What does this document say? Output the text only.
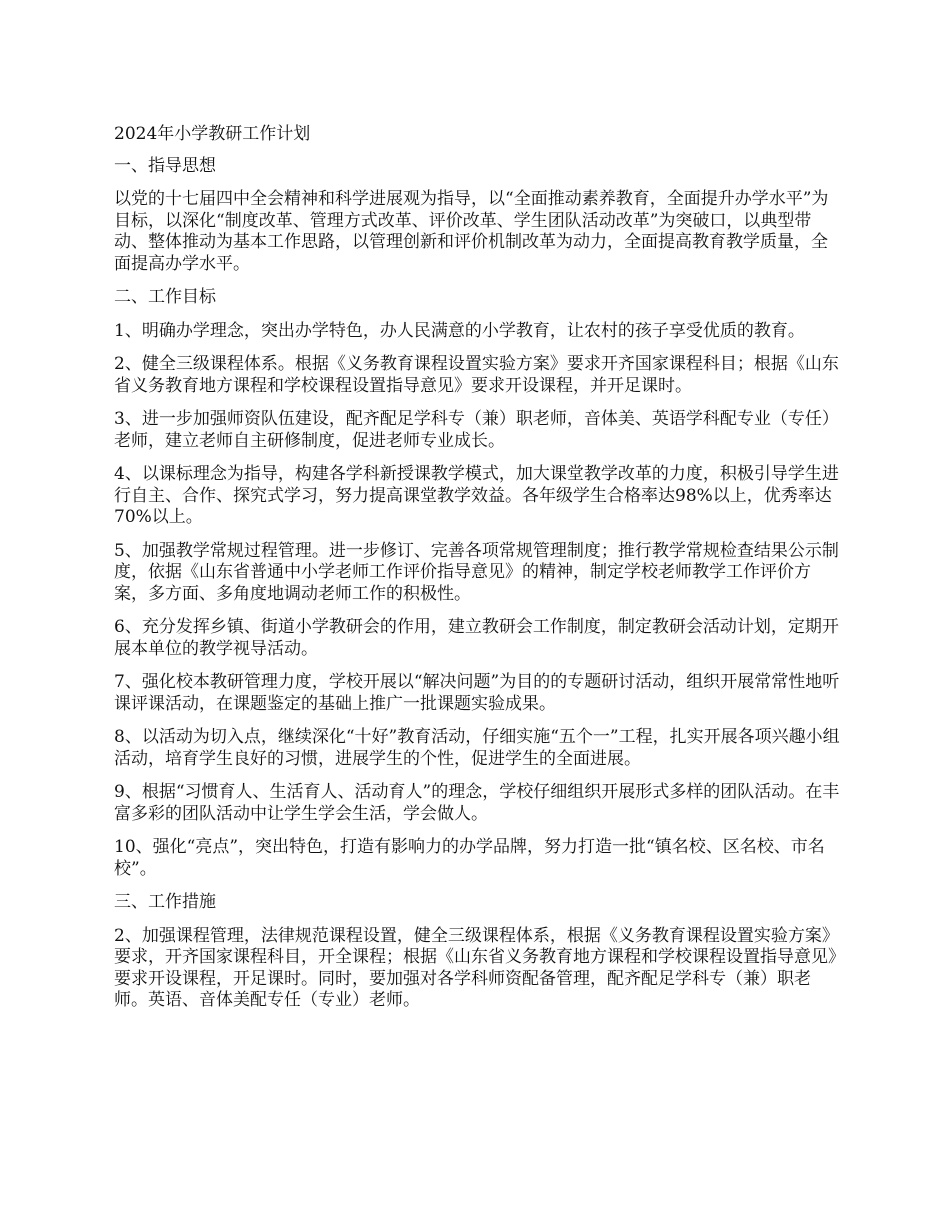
2024年小学教研工作计划
一、指导思想
以党的十七届四中全会精神和科学进展观为指导，以“全面推动素养教育，全面提升办学水平”为目标，以深化“制度改革、管理方式改革、评价改革、学生团队活动改革”为突破口，以典型带动、整体推动为基本工作思路，以管理创新和评价机制改革为动力，全面提高教育教学质量，全面提高办学水平。
二、工作目标
1、明确办学理念，突出办学特色，办人民满意的小学教育，让农村的孩子享受优质的教育。
2、健全三级课程体系。根据《义务教育课程设置实验方案》要求开齐国家课程科目；根据《山东省义务教育地方课程和学校课程设置指导意见》要求开设课程，并开足课时。
3、进一步加强师资队伍建设，配齐配足学科专（兼）职老师，音体美、英语学科配专业（专任）老师，建立老师自主研修制度，促进老师专业成长。
4、以课标理念为指导，构建各学科新授课教学模式，加大课堂教学改革的力度，积极引导学生进行自主、合作、探究式学习，努力提高课堂教学效益。各年级学生合格率达98%以上，优秀率达70%以上。
5、加强教学常规过程管理。进一步修订、完善各项常规管理制度；推行教学常规检查结果公示制度，依据《山东省普通中小学老师工作评价指导意见》的精神，制定学校老师教学工作评价方案，多方面、多角度地调动老师工作的积极性。
6、充分发挥乡镇、街道小学教研会的作用，建立教研会工作制度，制定教研会活动计划，定期开展本单位的教学视导活动。
7、强化校本教研管理力度，学校开展以“解决问题”为目的的专题研讨活动，组织开展常常性地听课评课活动，在课题鉴定的基础上推广一批课题实验成果。
8、以活动为切入点，继续深化“十好”教育活动，仔细实施“五个一”工程，扎实开展各项兴趣小组活动，培育学生良好的习惯，进展学生的个性，促进学生的全面进展。
9、根据“习惯育人、生活育人、活动育人”的理念，学校仔细组织开展形式多样的团队活动。在丰富多彩的团队活动中让学生学会生活，学会做人。
10、强化“亮点”，突出特色，打造有影响力的办学品牌，努力打造一批“镇名校、区名校、市名校”。
三、工作措施
2、加强课程管理，法律规范课程设置，健全三级课程体系，根据《义务教育课程设置实验方案》要求，开齐国家课程科目，开全课程；根据《山东省义务教育地方课程和学校课程设置指导意见》要求开设课程，开足课时。同时，要加强对各学科师资配备管理，配齐配足学科专（兼）职老师。英语、音体美配专任（专业）老师。
